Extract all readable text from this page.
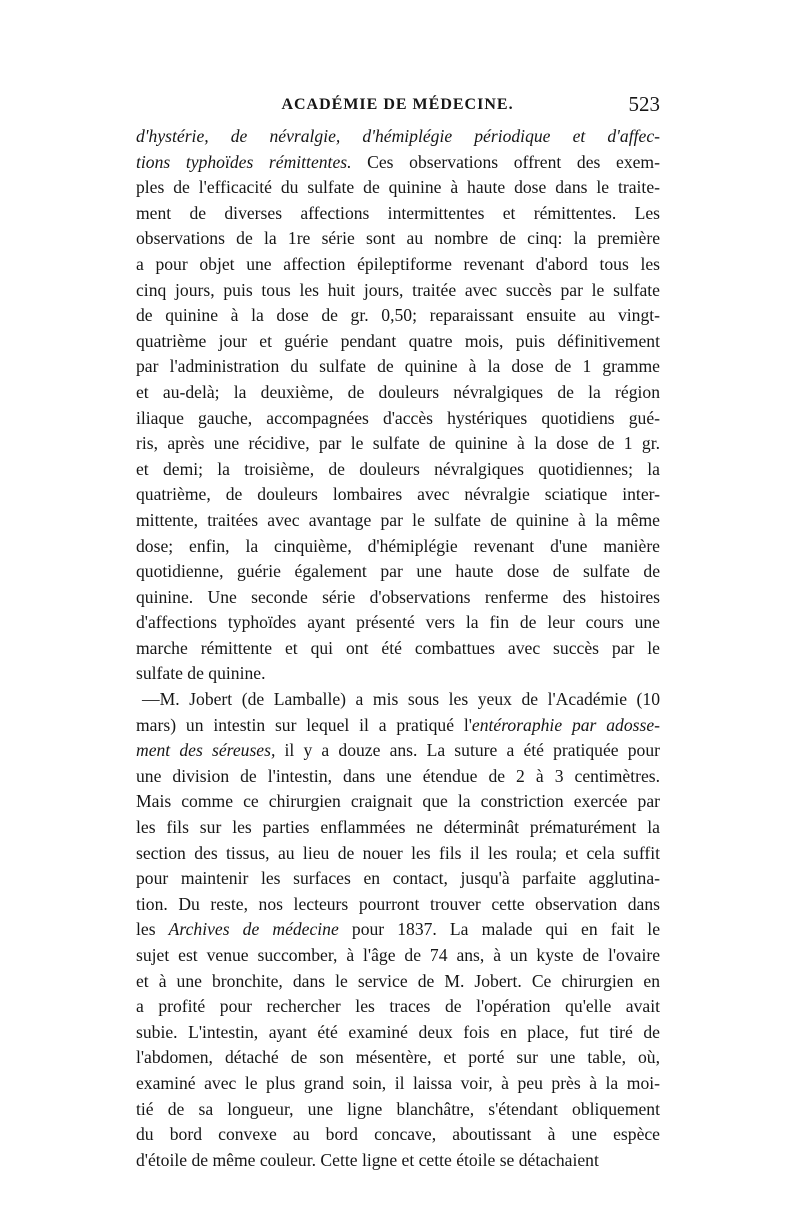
ACADÉMIE DE MÉDECINE.	523
d'hystérie, de névralgie, d'hémiplégie périodique et d'affec-
tions typhoïdes rémittentes. Ces observations offrent des exem-
ples de l'efficacité du sulfate de quinine à haute dose dans le traite-
ment de diverses affections intermittentes et rémittentes. Les
observations de la 1re série sont au nombre de cinq: la première
a pour objet une affection épileptiforme revenant d'abord tous les
cinq jours, puis tous les huit jours, traitée avec succès par le sulfate
de quinine à la dose de gr. 0,50; reparaissant ensuite au vingt-
quatrième jour et guérie pendant quatre mois, puis définitivement
par l'administration du sulfate de quinine à la dose de 1 gramme
et au-delà; la deuxième, de douleurs névralgiques de la région
iliaque gauche, accompagnées d'accès hystériques quotidiens gué-
ris, après une récidive, par le sulfate de quinine à la dose de 1 gr.
et demi; la troisième, de douleurs névralgiques quotidiennes; la
quatrième, de douleurs lombaires avec névralgie sciatique inter-
mittente, traitées avec avantage par le sulfate de quinine à la même
dose; enfin, la cinquième, d'hémiplégie revenant d'une manière
quotidienne, guérie également par une haute dose de sulfate de
quinine. Une seconde série d'observations renferme des histoires
d'affections typhoïdes ayant présenté vers la fin de leur cours une
marche rémittente et qui ont été combattues avec succès par le
sulfate de quinine.
—M. Jobert (de Lamballe) a mis sous les yeux de l'Académie (10
mars) un intestin sur lequel il a pratiqué l'entéroraphie par adosse-
ment des séreuses, il y a douze ans. La suture a été pratiquée pour
une division de l'intestin, dans une étendue de 2 à 3 centimètres.
Mais comme ce chirurgien craignait que la constriction exercée par
les fils sur les parties enflammées ne déterminât prématurément la
section des tissus, au lieu de nouer les fils il les roula; et cela suffit
pour maintenir les surfaces en contact, jusqu'à parfaite agglutina-
tion. Du reste, nos lecteurs pourront trouver cette observation dans
les Archives de médecine pour 1837. La malade qui en fait le
sujet est venue succomber, à l'âge de 74 ans, à un kyste de l'ovaire
et à une bronchite, dans le service de M. Jobert. Ce chirurgien en
a profité pour rechercher les traces de l'opération qu'elle avait
subie. L'intestin, ayant été examiné deux fois en place, fut tiré de
l'abdomen, détaché de son mésentère, et porté sur une table, où,
examiné avec le plus grand soin, il laissa voir, à peu près à la moi-
tié de sa longueur, une ligne blanchâtre, s'étendant obliquement
du bord convexe au bord concave, aboutissant à une espèce
d'étoile de même couleur. Cette ligne et cette étoile se détachaient
